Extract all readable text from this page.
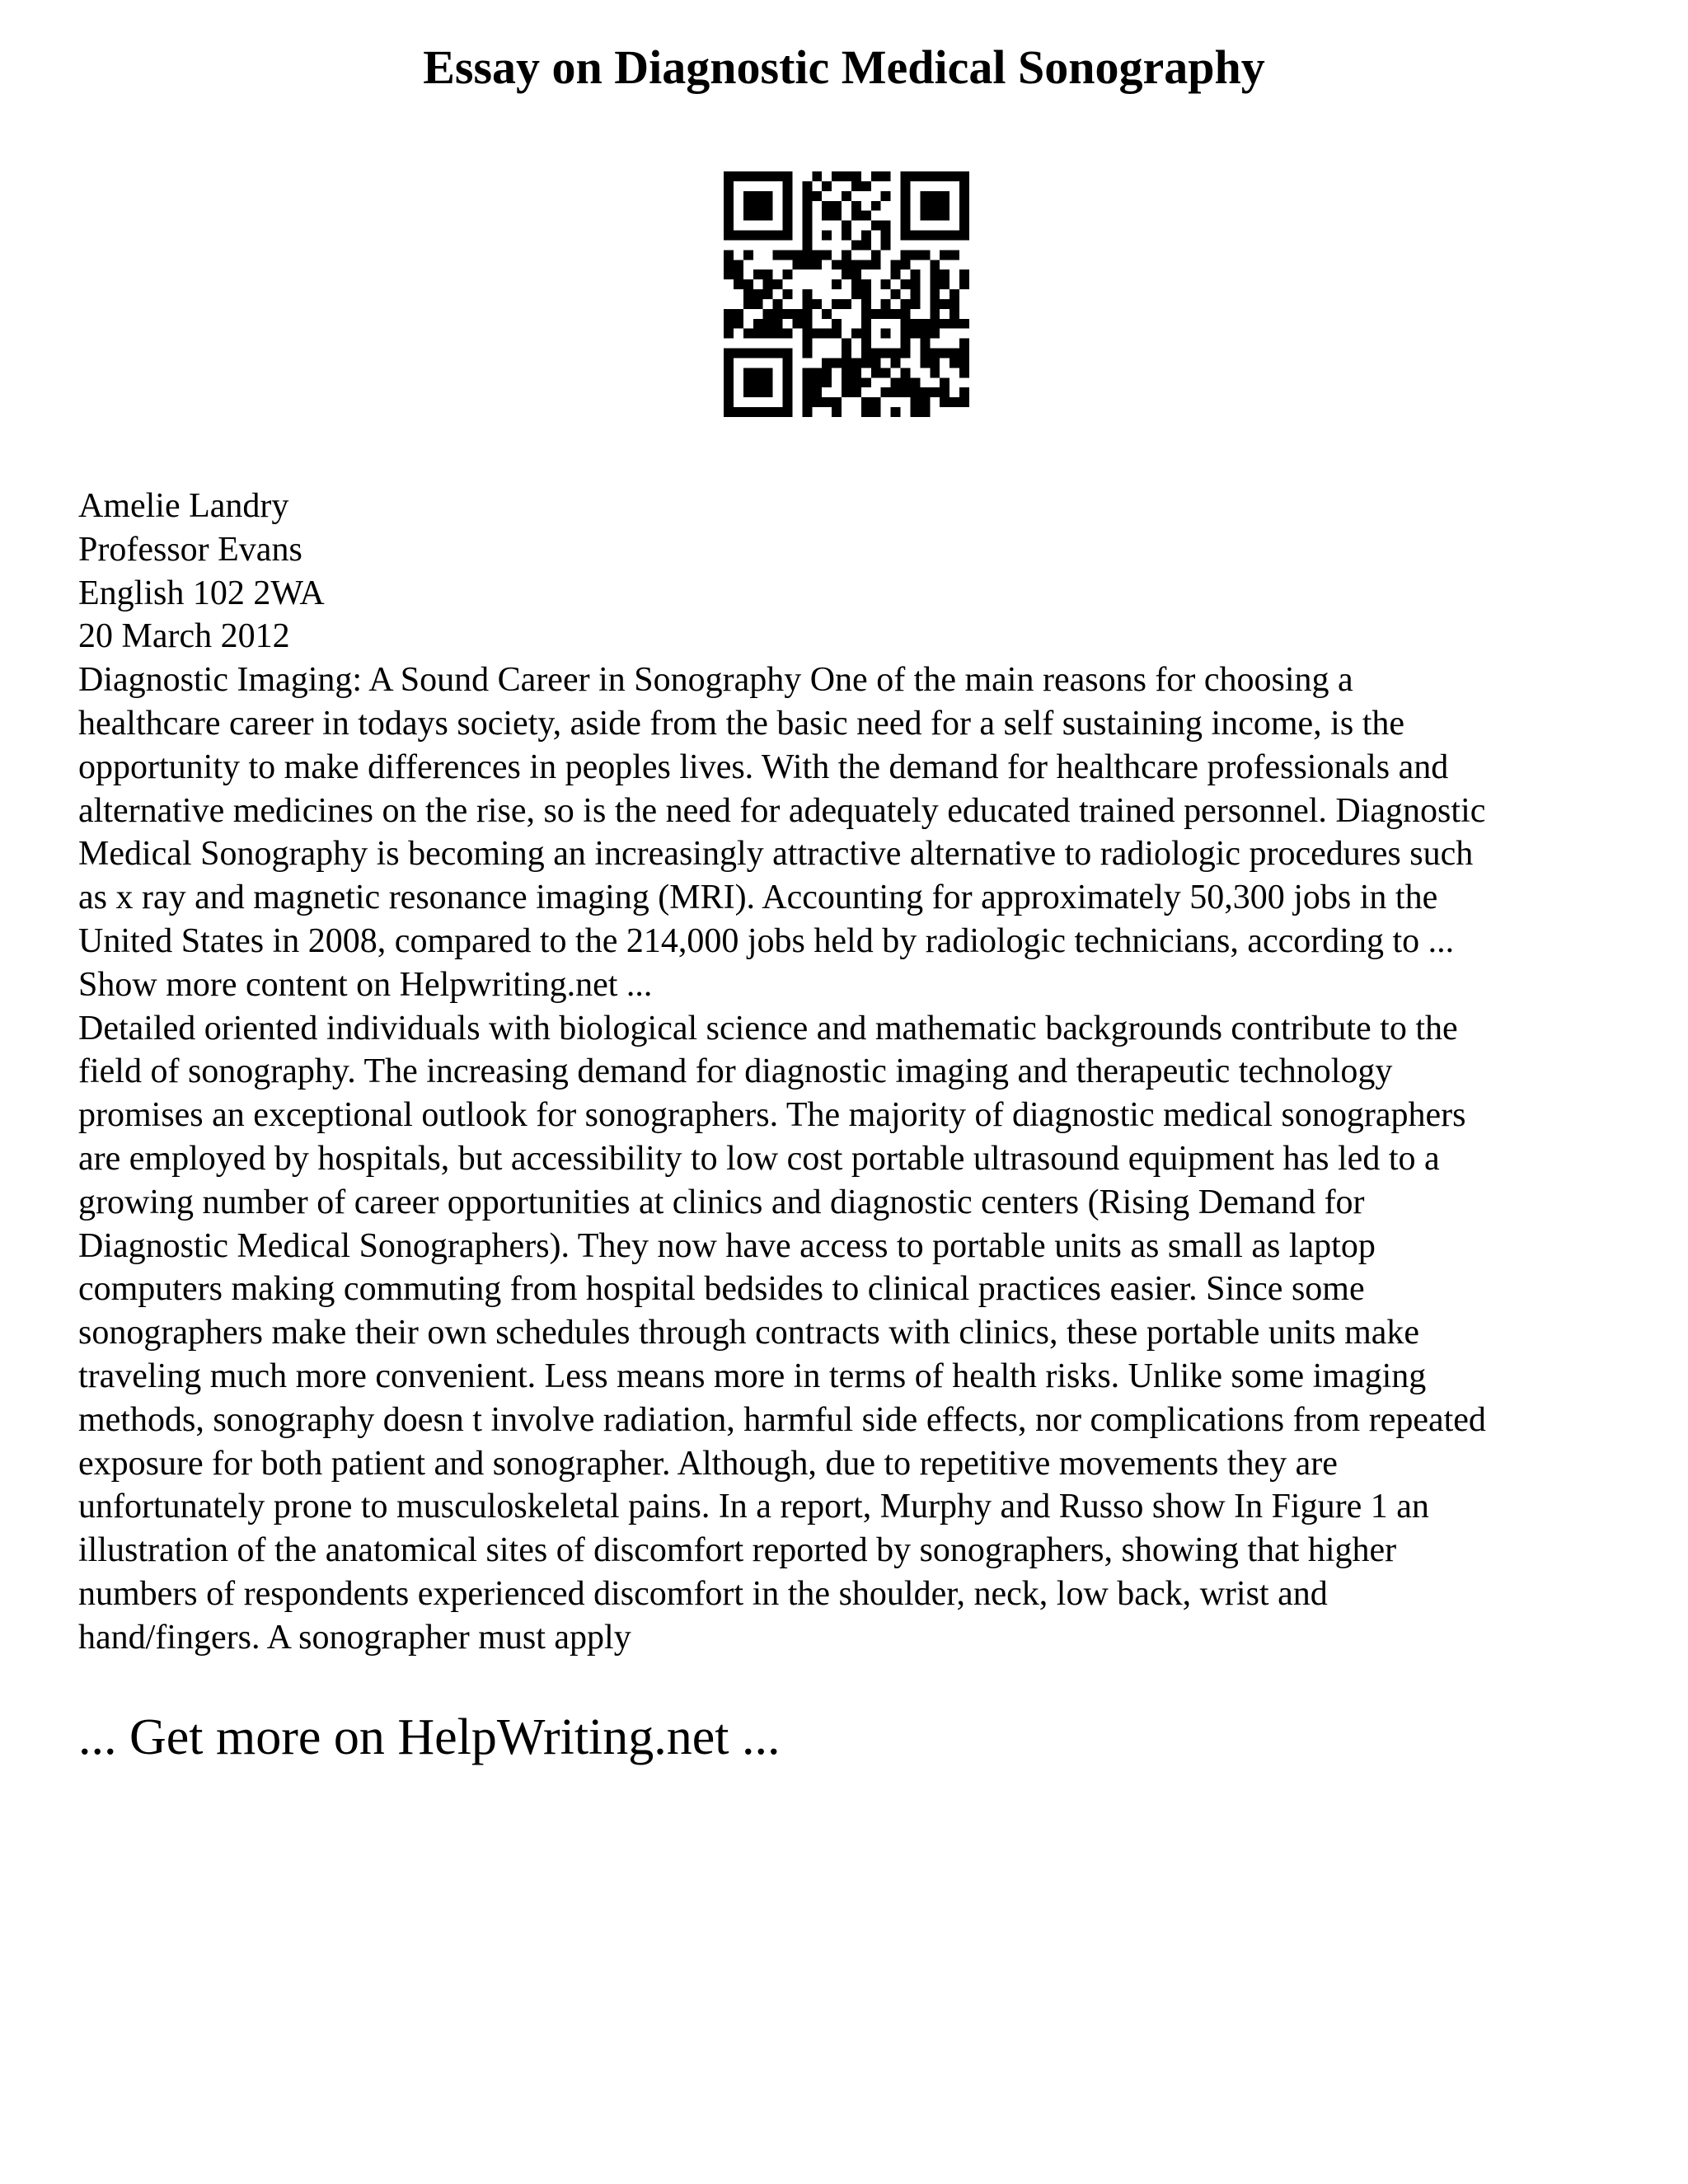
Essay on Diagnostic Medical Sonography
Amelie Landry
Professor Evans
English 102 2WA
20 March 2012
Diagnostic Imaging: A Sound Career in Sonography One of the main reasons for choosing a
healthcare career in todays society, aside from the basic need for a self sustaining income, is the
opportunity to make differences in peoples lives. With the demand for healthcare professionals and
alternative medicines on the rise, so is the need for adequately educated trained personnel. Diagnostic
Medical Sonography is becoming an increasingly attractive alternative to radiologic procedures such
as x ray and magnetic resonance imaging (MRI). Accounting for approximately 50,300 jobs in the
United States in 2008, compared to the 214,000 jobs held by radiologic technicians, according to ...
Show more content on Helpwriting.net ...
Detailed oriented individuals with biological science and mathematic backgrounds contribute to the
field of sonography. The increasing demand for diagnostic imaging and therapeutic technology
promises an exceptional outlook for sonographers. The majority of diagnostic medical sonographers
are employed by hospitals, but accessibility to low cost portable ultrasound equipment has led to a
growing number of career opportunities at clinics and diagnostic centers (Rising Demand for
Diagnostic Medical Sonographers). They now have access to portable units as small as laptop
computers making commuting from hospital bedsides to clinical practices easier. Since some
sonographers make their own schedules through contracts with clinics, these portable units make
traveling much more convenient. Less means more in terms of health risks. Unlike some imaging
methods, sonography doesn t involve radiation, harmful side effects, nor complications from repeated
exposure for both patient and sonographer. Although, due to repetitive movements they are
unfortunately prone to musculoskeletal pains. In a report, Murphy and Russo show In Figure 1 an
illustration of the anatomical sites of discomfort reported by sonographers, showing that higher
numbers of respondents experienced discomfort in the shoulder, neck, low back, wrist and
hand/fingers. A sonographer must apply

... Get more on HelpWriting.net ...
